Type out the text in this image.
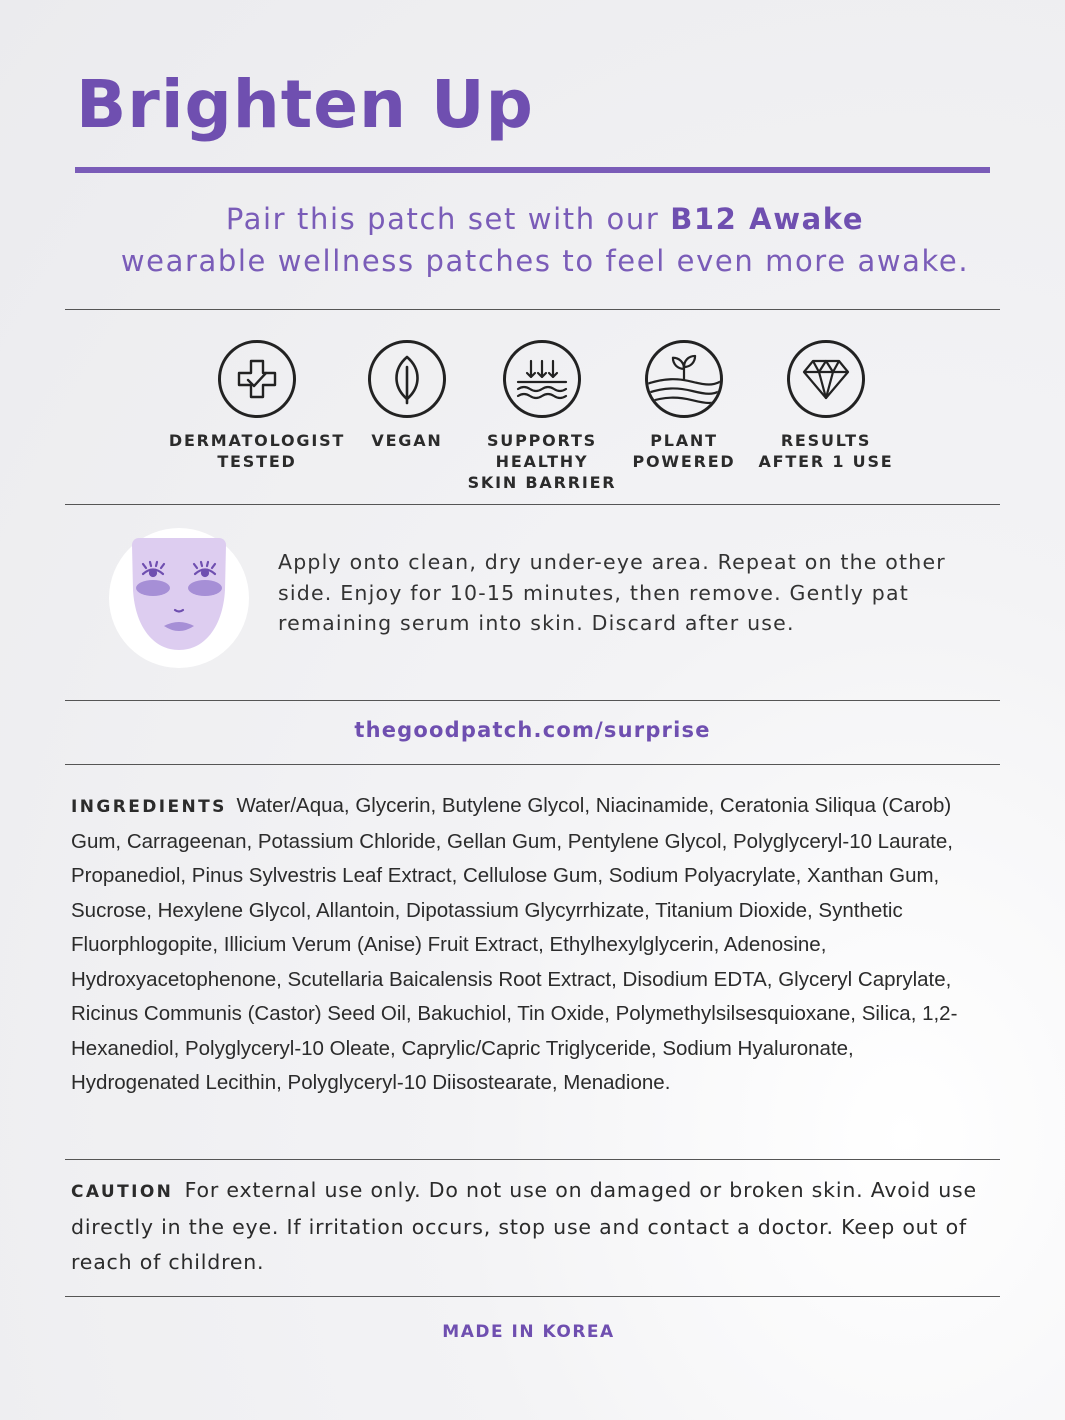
Brighten Up
Pair this patch set with our B12 Awake
wearable wellness patches to feel even more awake.
DERMATOLOGIST
TESTED
VEGAN	SUPPORTS
HEALTHY
SKIN BARRIER
PLANT
POWERED
RESULTS
AFTER 1 USE
Apply onto clean, dry under-eye area. Repeat on the other side. Enjoy for 10-15 minutes, then remove. Gently pat remaining serum into skin. Discard after use.
thegoodpatch.com/surprise
INGREDIENTS Water/Aqua, Glycerin, Butylene Glycol, Niacinamide, Ceratonia Siliqua (Carob) Gum, Carrageenan, Potassium Chloride, Gellan Gum, Pentylene Glycol, Polyglyceryl-10 Laurate, Propanediol, Pinus Sylvestris Leaf Extract, Cellulose Gum, Sodium Polyacrylate, Xanthan Gum, Sucrose, Hexylene Glycol, Allantoin, Dipotassium Glycyrrhizate, Titanium Dioxide, Synthetic Fluorphlogopite, Illicium Verum (Anise) Fruit Extract, Ethylhexylglycerin, Adenosine, Hydroxyacetophenone, Scutellaria Baicalensis Root Extract, Disodium EDTA, Glyceryl Caprylate, Ricinus Communis (Castor) Seed Oil, Bakuchiol, Tin Oxide, Polymethylsilsesquioxane, Silica, 1,2-Hexanediol, Polyglyceryl-10 Oleate, Caprylic/Capric Triglyceride, Sodium Hyaluronate, Hydrogenated Lecithin, Polyglyceryl-10 Diisostearate, Menadione.
CAUTION For external use only. Do not use on damaged or broken skin. Avoid use directly in the eye. If irritation occurs, stop use and contact a doctor. Keep out of reach of children.
MADE IN KOREA
